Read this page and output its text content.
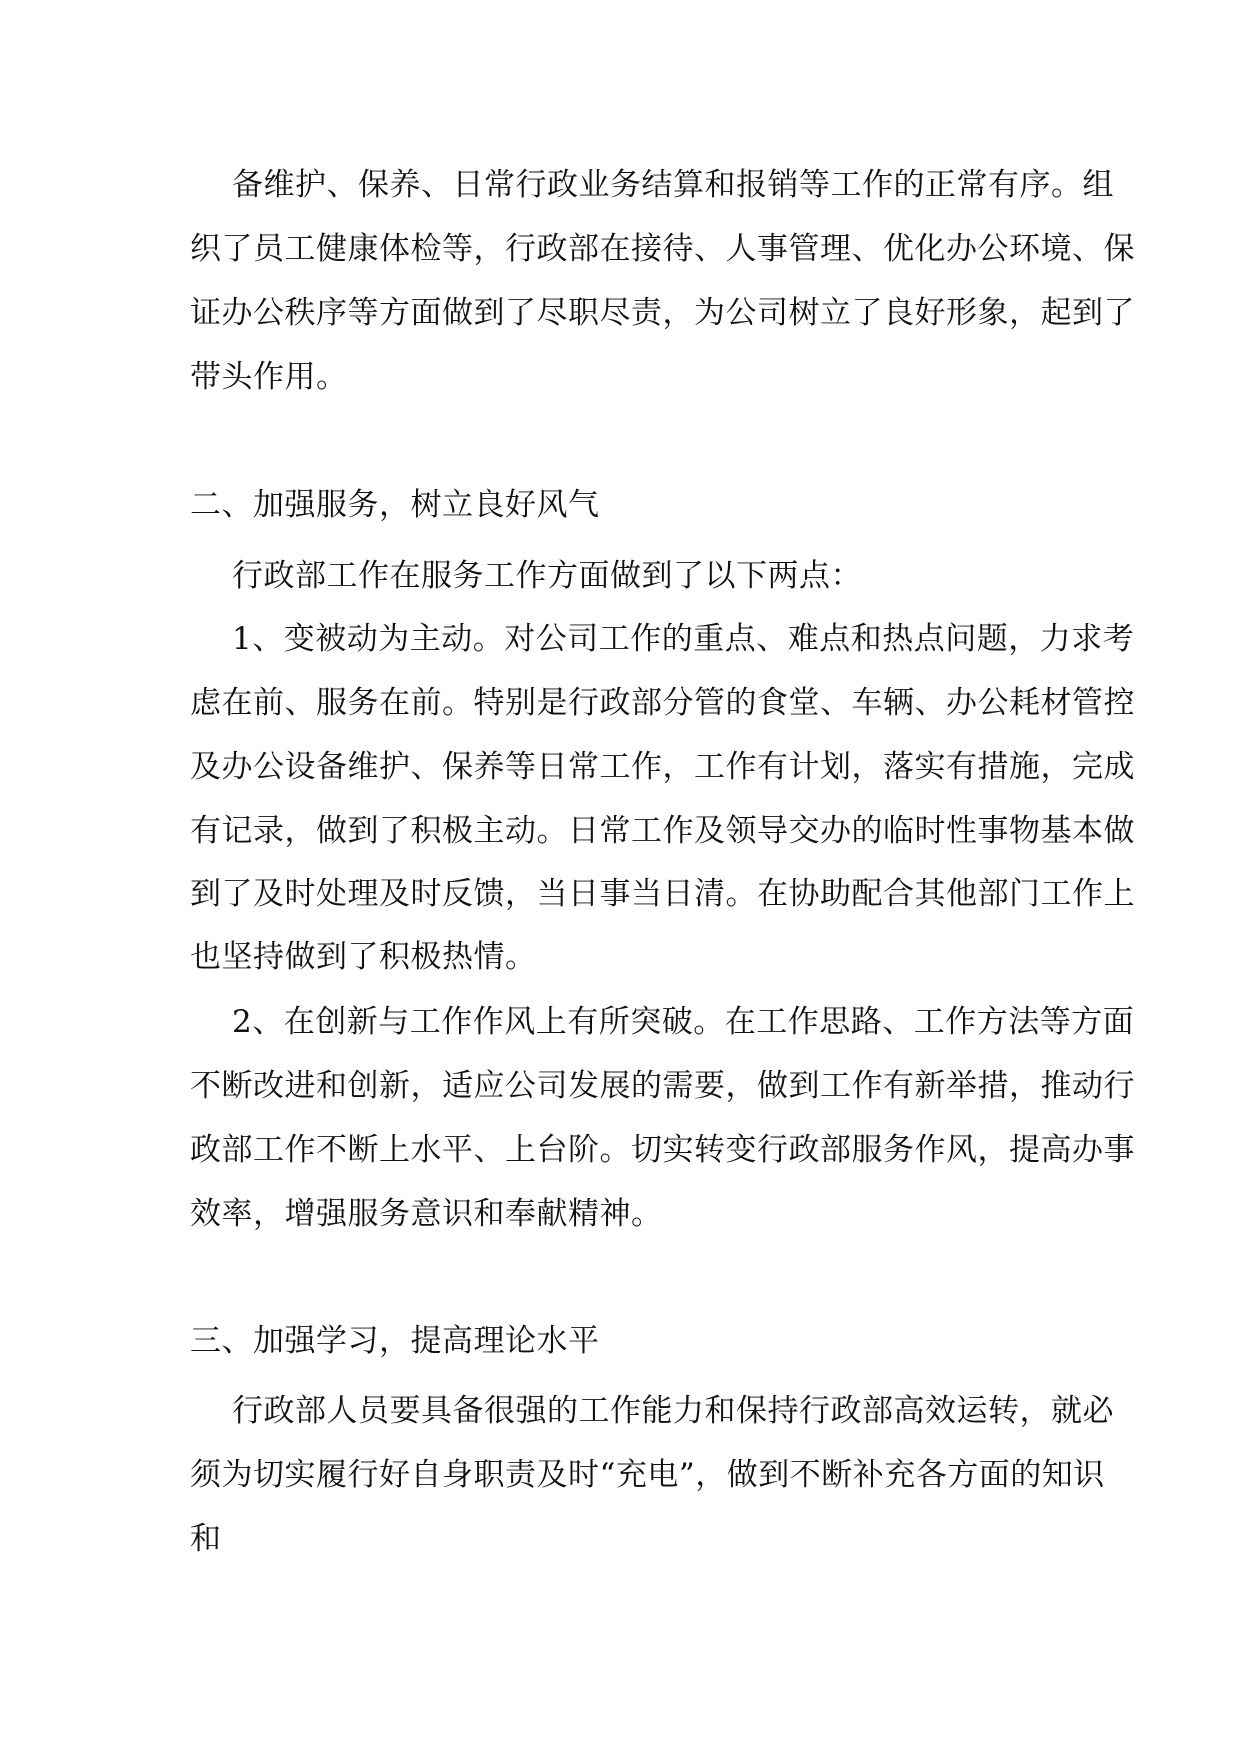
备维护、保养、日常行政业务结算和报销等工作的正常有序。组
织了员工健康体检等，行政部在接待、人事管理、优化办公环境、保
证办公秩序等方面做到了尽职尽责，为公司树立了良好形象，起到了
带头作用。
二、加强服务，树立良好风气
行政部工作在服务工作方面做到了以下两点：
1、变被动为主动。对公司工作的重点、难点和热点问题，力求考
虑在前、服务在前。特别是行政部分管的食堂、车辆、办公耗材管控
及办公设备维护、保养等日常工作，工作有计划，落实有措施，完成
有记录，做到了积极主动。日常工作及领导交办的临时性事物基本做
到了及时处理及时反馈，当日事当日清。在协助配合其他部门工作上
也坚持做到了积极热情。
2、在创新与工作作风上有所突破。在工作思路、工作方法等方面
不断改进和创新，适应公司发展的需要，做到工作有新举措，推动行
政部工作不断上水平、上台阶。切实转变行政部服务作风，提高办事
效率，增强服务意识和奉献精神。
三、加强学习，提高理论水平
行政部人员要具备很强的工作能力和保持行政部高效运转，就必
须为切实履行好自身职责及时“充电”，做到不断补充各方面的知识
和
